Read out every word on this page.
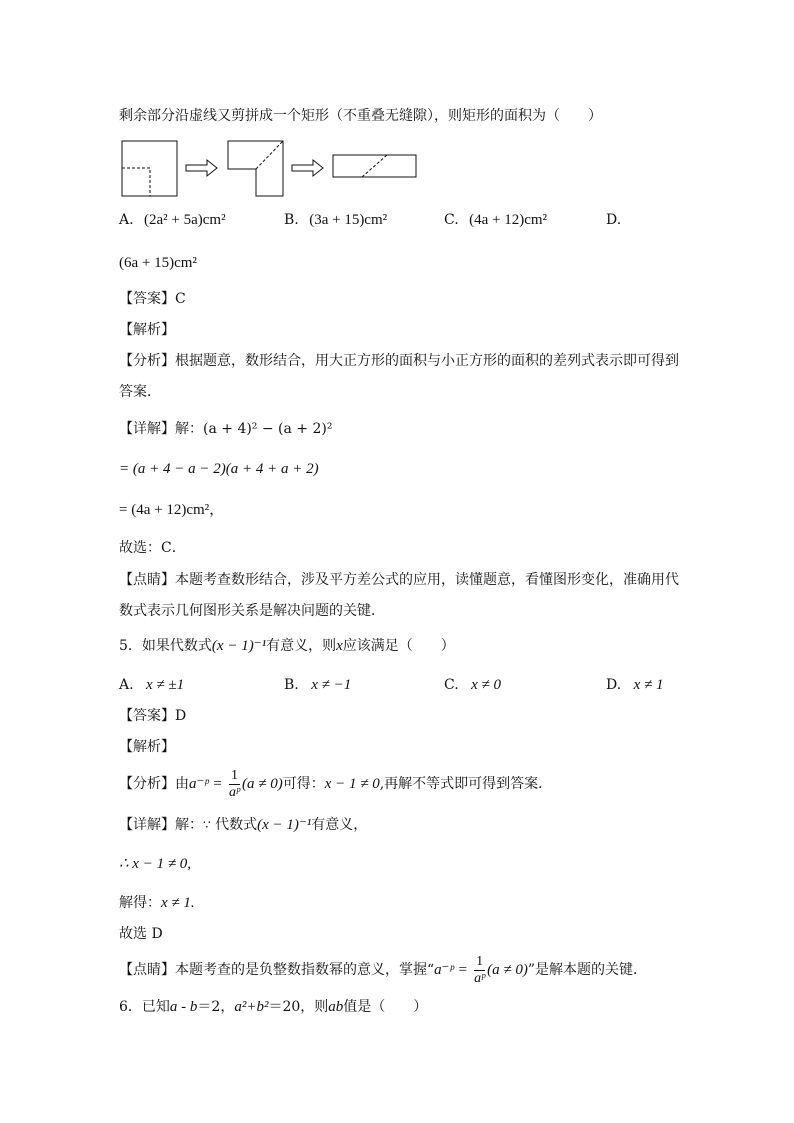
剩余部分沿虚线又剪拼成一个矩形（不重叠无缝隙），则矩形的面积为（　　）
A. (2a² + 5a)cm²	B. (3a + 15)cm²	C. (4a + 12)cm²	D.
(6a + 15)cm²
【答案】C
【解析】
【分析】根据题意，数形结合，用大正方形的面积与小正方形的面积的差列式表示即可得到
答案．
【详解】解：(a + 4)² − (a + 2)²
= (a + 4 − a − 2)(a + 4 + a + 2)
= (4a + 12)cm²，
故选：C．
【点睛】本题考查数形结合，涉及平方差公式的应用，读懂题意，看懂图形变化，准确用代
数式表示几何图形关系是解决问题的关键．
5．如果代数式(x − 1)⁻¹有意义，则x应该满足（　　）
A. x ≠ ±1	B. x ≠ −1	C. x ≠ 0	D. x ≠ 1
【答案】D
【解析】
【分析】由a⁻ᵖ = $\frac{1}{\text{aᵖ}} (a \ne 0)$可得：x − 1 ≠ 0,再解不等式即可得到答案．
【详解】解：∵ 代数式(x − 1)⁻¹有意义，
∴ x − 1 ≠ 0,
解得：x ≠ 1.
故选 D
【点睛】本题考查的是负整数指数幂的意义，掌握“a⁻ᵖ = $\frac{1}{\text{aᵖ}} (a \ne 0)$”是解本题的关键．
6．已知a - b＝2，a²+b²＝20，则ab值是（　　）
